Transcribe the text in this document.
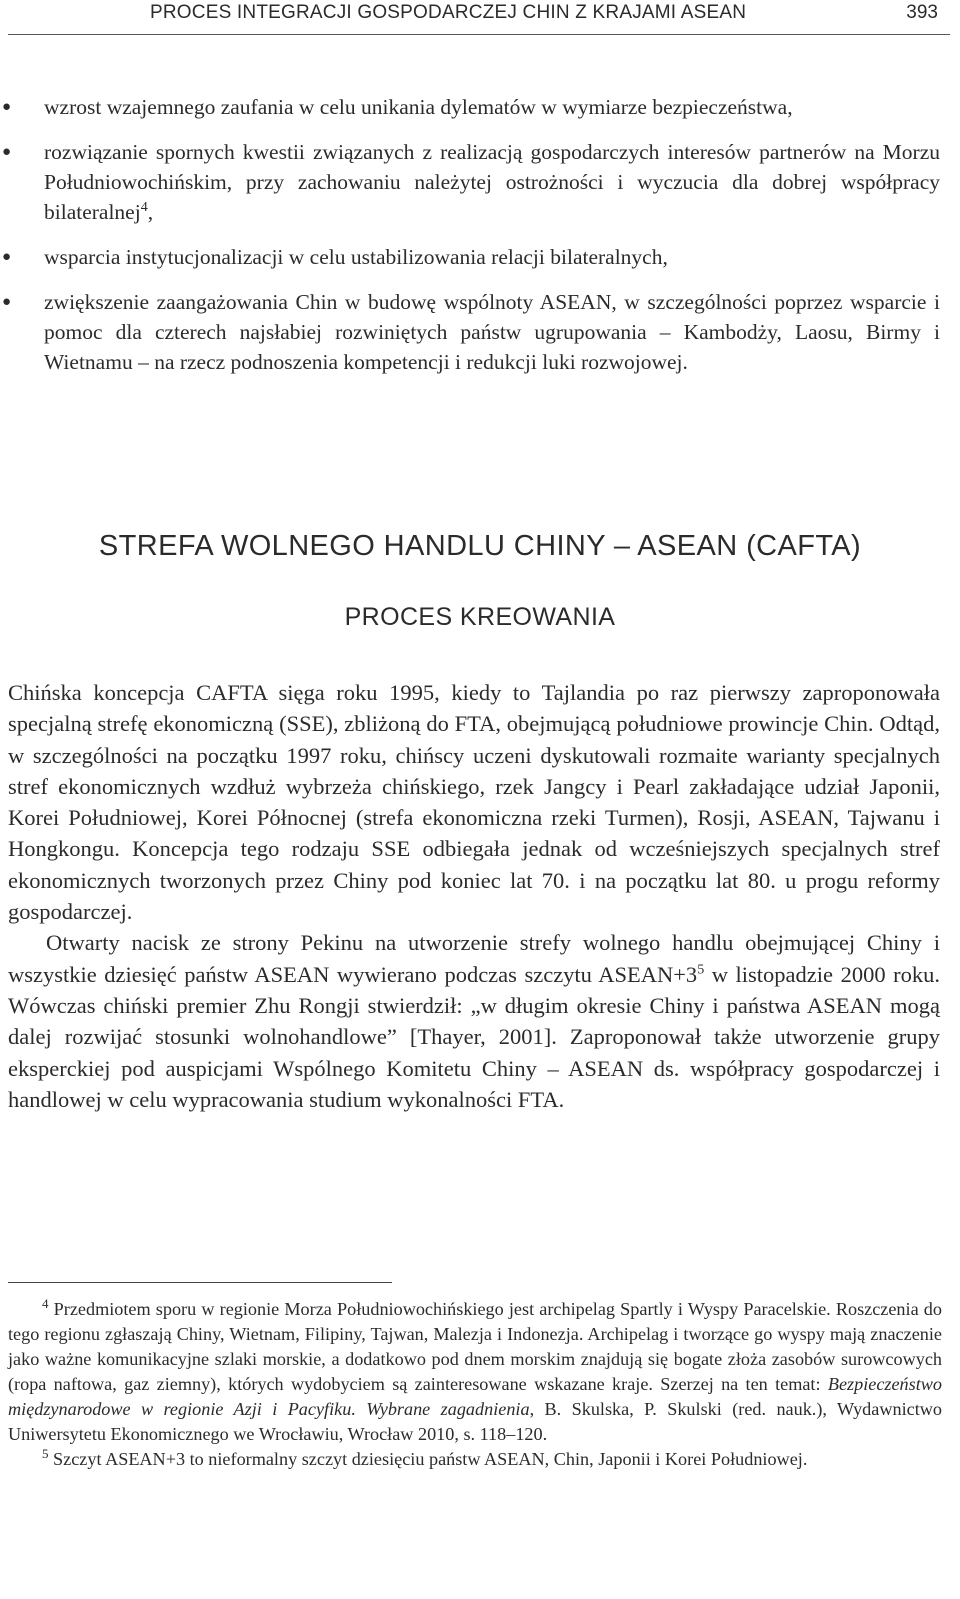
PROCES INTEGRACJI GOSPODARCZEJ CHIN Z KRAJAMI ASEAN	393
● wzrost wzajemnego zaufania w celu unikania dylematów w wymiarze bezpieczeństwa,
● rozwiązanie spornych kwestii związanych z realizacją gospodarczych interesów partnerów na Morzu Południowochińskim, przy zachowaniu należytej ostrożności i wyczucia dla dobrej współpracy bilateralnej$^4$,
● wsparcia instytucjonalizacji w celu ustabilizowania relacji bilateralnych,
● zwiększenie zaangażowania Chin w budowę wspólnoty ASEAN, w szczególności poprzez wsparcie i pomoc dla czterech najsłabiej rozwiniętych państw ugrupowania – Kambodży, Laosu, Birmy i Wietnamu – na rzecz podnoszenia kompetencji i redukcji luki rozwojowej.
STREFA WOLNEGO HANDLU CHINY – ASEAN (CAFTA)
PROCES KREOWANIA

Chińska koncepcja CAFTA sięga roku 1995, kiedy to Tajlandia po raz pierwszy zaproponowała specjalną strefę ekonomiczną (SSE), zbliżoną do FTA, obejmującą południowe prowincje Chin. Odtąd, w szczególności na początku 1997 roku, chińscy uczeni dyskutowali rozmaite warianty specjalnych stref ekonomicznych wzdłuż wybrzeża chińskiego, rzek Jangcy i Pearl zakładające udział Japonii, Korei Południowej, Korei Północnej (strefa ekonomiczna rzeki Turmen), Rosji, ASEAN, Tajwanu i Hongkongu. Koncepcja tego rodzaju SSE odbiegała jednak od wcześniejszych specjalnych stref ekonomicznych tworzonych przez Chiny pod koniec lat 70. i na początku lat 80. u progu reformy gospodarczej.

Otwarty nacisk ze strony Pekinu na utworzenie strefy wolnego handlu obejmującej Chiny i wszystkie dziesięć państw ASEAN wywierano podczas szczytu $ASEAN+3^5$ w listopadzie 2000 roku. Wówczas chiński premier Zhu Rongji stwierdził: „w długim okresie Chiny i państwa ASEAN mogą dalej rozwijać stosunki wolnohandlowe” [Thayer, 2001]. Zaproponował także utworzenie grupy eksperckiej pod auspicjami Wspólnego Komitetu Chiny – ASEAN ds. współpracy gospodarczej i handlowej w celu wypracowania studium wykonalności FTA.

$^4$ Przedmiotem sporu w regionie Morza Południowochińskiego jest archipelag Spartly i Wyspy Paracelskie. Roszczenia do tego regionu zgłaszają Chiny, Wietnam, Filipiny, Tajwan, Malezja i Indonezja. Archipelag i tworzące go wyspy mają znaczenie jako ważne komunikacyjne szlaki morskie, a dodatkowo pod dnem morskim znajdują się bogate złoża zasobów surowcowych (ropa naftowa, gaz ziemny), których wydobyciem są zainteresowane wskazane kraje. Szerzej na ten temat: Bezpieczeństwo międzynarodowe w regionie Azji i Pacyfiku. Wybrane zagadnienia, B. Skulska, P. Skulski (red. nauk.), Wydawnictwo Uniwersytetu Ekonomicznego we Wrocławiu, Wrocław 2010, s. 118–120.

$^5$ Szczyt ASEAN+3 to nieformalny szczyt dziesięciu państw ASEAN, Chin, Japonii i Korei Południowej.
